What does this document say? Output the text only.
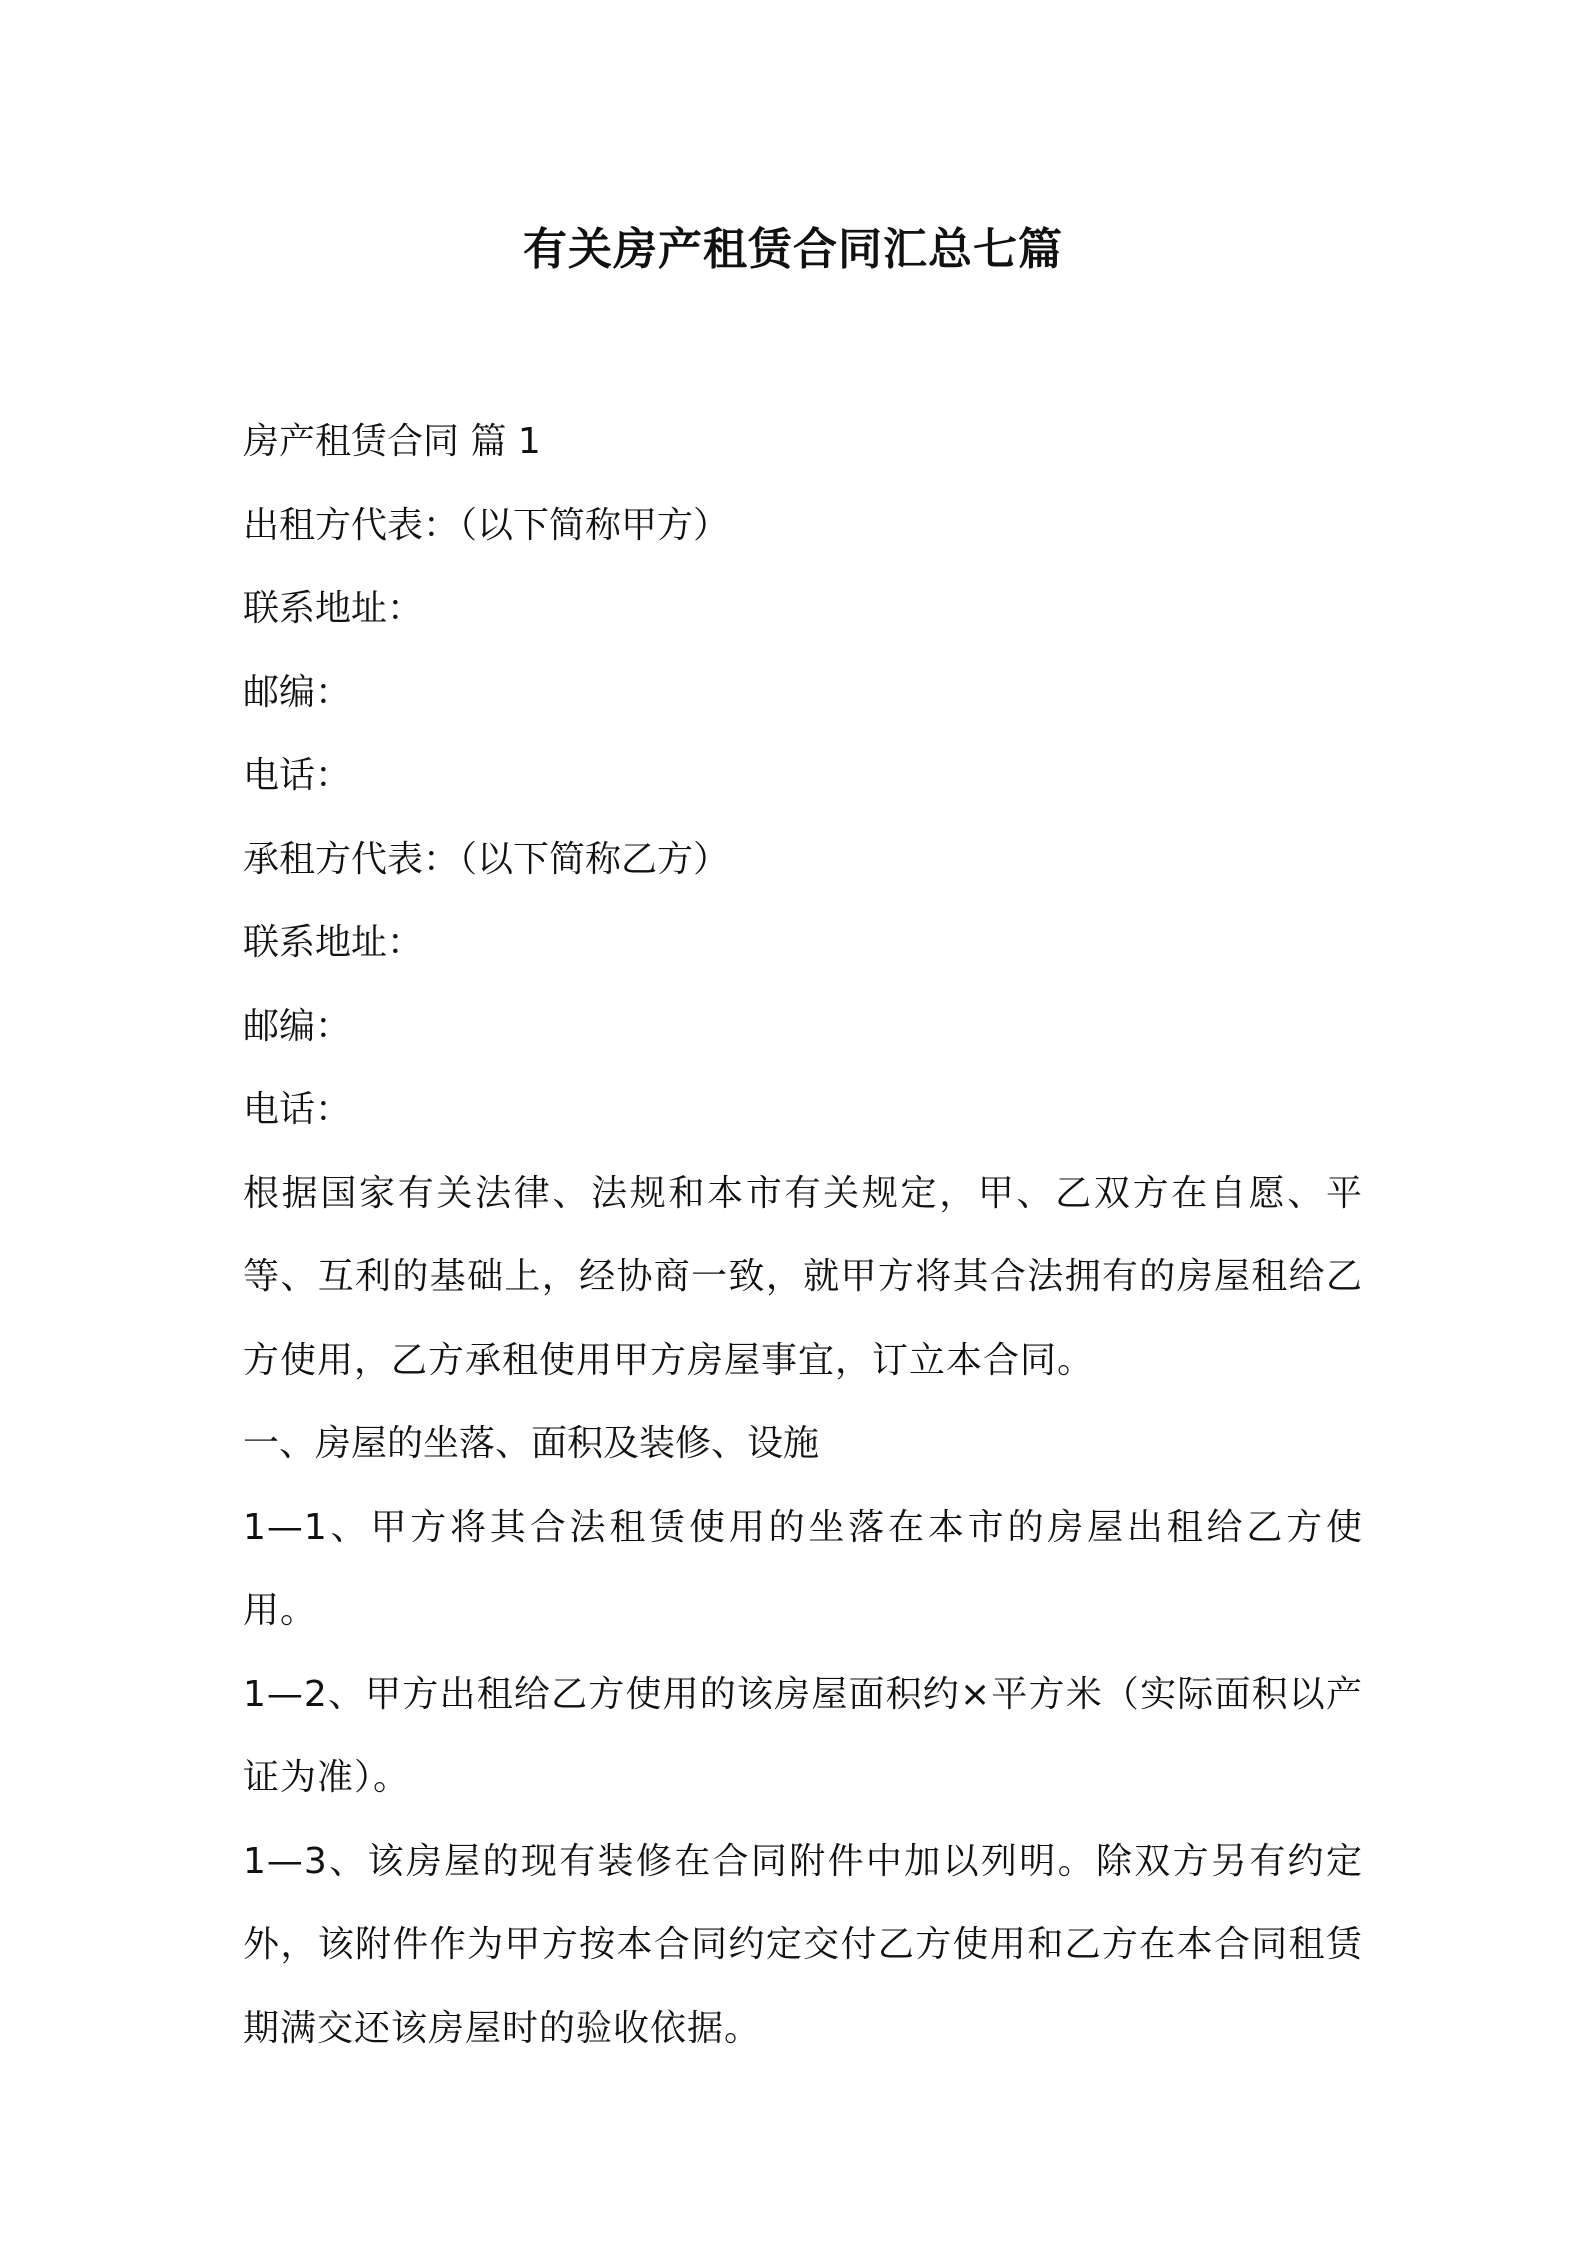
有关房产租赁合同汇总七篇

房产租赁合同 篇 1

出租方代表：（以下简称甲方）

联系地址：

邮编：

电话：

承租方代表：（以下简称乙方）

联系地址：

邮编：

电话：

根据国家有关法律、法规和本市有关规定，甲、乙双方在自愿、平等、互利的基础上，经协商一致，就甲方将其合法拥有的房屋租给乙方使用，乙方承租使用甲方房屋事宜，订立本合同。

一、房屋的坐落、面积及装修、设施

1—1、甲方将其合法租赁使用的坐落在本市的房屋出租给乙方使用。

1—2、甲方出租给乙方使用的该房屋面积约×平方米（实际面积以产证为准）。

1—3、该房屋的现有装修在合同附件中加以列明。除双方另有约定外，该附件作为甲方按本合同约定交付乙方使用和乙方在本合同租赁期满交还该房屋时的验收依据。
